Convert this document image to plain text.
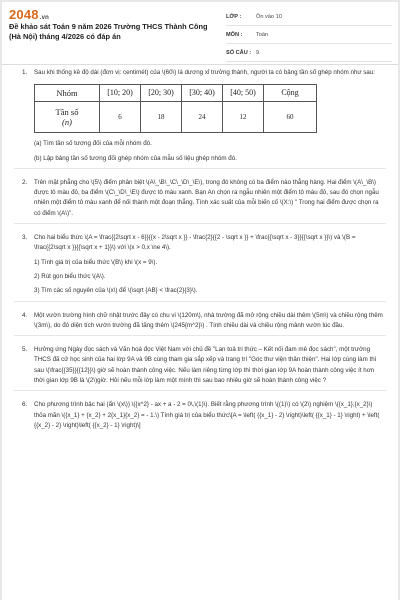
2048.vn
Đề khảo sát Toán 9 năm 2026 Trường THCS Thành Công (Hà Nội) tháng 4/2026 có đáp án
LỚP :	Ôn vào 10
MÔN :	Toán
SỐ CÂU : 9
1. Sau khi thống kê độ dài (đơn vị: centimét) của \(60\) lá dương xỉ trưởng thành, người ta có bảng tần số ghép nhóm như sau:

Nhóm	[10; 20)	[20; 30)	[30; 40)	[40; 50)	Cộng
Tần số
(n)	6	18	24	12	60

(a) Tìm tần số tương đối của mỗi nhóm đó.

(b) Lập bảng tần số tương đối ghép nhóm của mẫu số liệu ghép nhóm đó.

2. Trên mặt phẳng cho \(5\) điểm phân biệt \(A\_\B\_\C\_\D\_\E\), trong đó không có ba điểm nào thẳng hàng. Hai điểm \(A\_\B\) được tô màu đỏ, ba điểm \(C\_\D\_\E\) được tô màu xanh. Bạn An chọn ra ngẫu nhiên một điểm tô màu đỏ, sau đó chọn ngẫu nhiên một điểm tô màu xanh để nối thành một đoạn thẳng. Tính xác suất của mỗi biến cố \(X:\) " Trong hai điểm được chọn ra có điểm \(A\)".

3. Cho hai biểu thức \(A = \frac{{2\sqrt x - 6}}{{x - 2\sqrt x }} - \frac{2}{{2 - \sqrt x }} + \frac{{\sqrt x - 3}}{{\sqrt x }}\) và \(B = \frac{{2\sqrt x }}{{\sqrt x + 1}}\) với \(x > 0,x \ne 4\).

1) Tính giá trị của biểu thức \(B\) khi \(x = 9\).

2) Rút gọn biểu thức \(A\).

3) Tìm các số nguyên của \(x\) để \(\sqrt {AB} < \frac{2}{3}\).

4. Một vườn trường hình chữ nhật trước đây có chu vi \(120m\), nhà trường đã mở rộng chiều dài thêm \(5m\) và chiều rộng thêm \(3m\), do đó diện tích vườn trường đã tăng thêm \(245{m^2}\) . Tính chiều dài và chiều rộng mảnh vườn lúc đầu.

5. Hưởng ứng Ngày đọc sách và Văn hoá đọc Việt Nam với chủ đề "Lan toả tri thức – Kết nối đam mê đọc sách", một trường THCS đã cử học sinh của hai lớp 9A và 9B cùng tham gia sắp xếp và trang trí "Góc thư viện thân thiện". Hai lớp cùng làm thì sau \(\frac{{35}}{{12}}\) giờ sẽ hoàn thành công việc. Nếu làm riêng từng lớp thì thời gian lớp 9A hoàn thành công việc ít hơn thời gian lớp 9B là \(2\)giờ. Hỏi nếu mỗi lớp làm một mình thì sau bao nhiêu giờ sẽ hoàn thành công việc ?

6. Cho phương trình bậc hai (ẩn \(x\)) \({x^2} - ax + a - 2 = 0\,\(1)\). Biết rằng phương trình \((1)\) có \(2\) nghiệm \({x_1};{x_2}\) thỏa mãn \({x_1} + {x_2} + 2{x_1}{x_2} = - 1.\) Tính giá trị của biểu thức\[A = \left( {{x_1} - 2} \right)\left( {{x_1} - 1} \right) + \left( {{x_2} - 2} \right)\left( {{x_2} - 1} \right)\]
